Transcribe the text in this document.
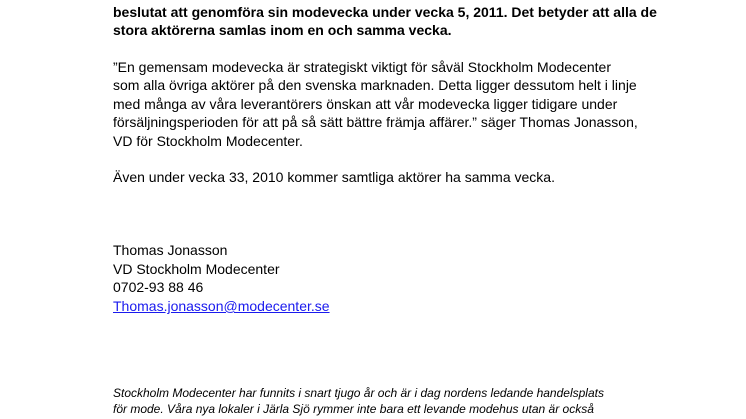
beslutat att genomföra sin modevecka under vecka 5, 2011. Det betyder att alla de
stora aktörerna samlas inom en och samma vecka.
”En gemensam modevecka är strategiskt viktigt för såväl Stockholm Modecenter
som alla övriga aktörer på den svenska marknaden. Detta ligger dessutom helt i linje
med många av våra leverantörers önskan att vår modevecka ligger tidigare under
försäljningsperioden för att på så sätt bättre främja affärer.” säger Thomas Jonasson,
VD för Stockholm Modecenter.
Även under vecka 33, 2010 kommer samtliga aktörer ha samma vecka.
Thomas Jonasson
VD Stockholm Modecenter
0702-93 88 46
Thomas.jonasson@modecenter.se
Stockholm Modecenter har funnits i snart tjugo år och är i dag nordens ledande handelsplats
för mode. Våra nya lokaler i Järla Sjö rymmer inte bara ett levande modehus utan är också
